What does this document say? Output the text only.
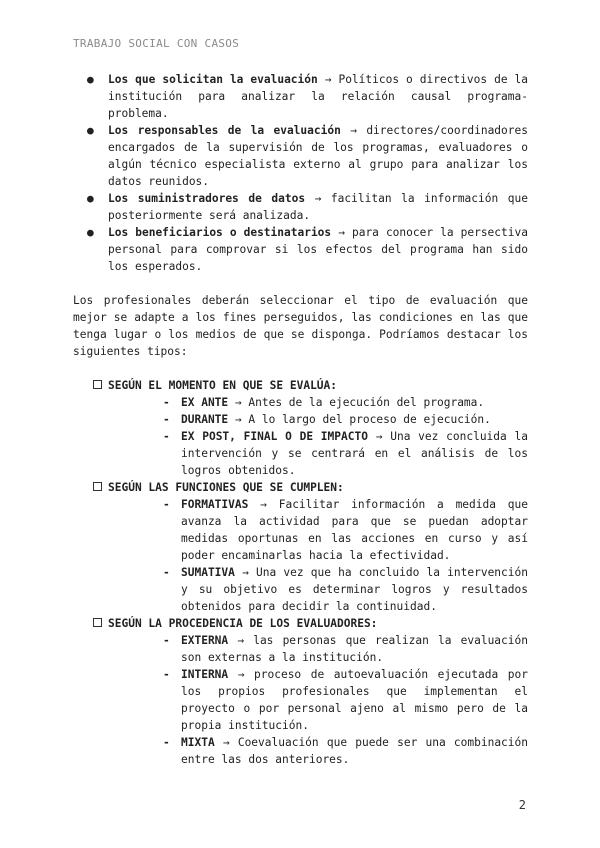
TRABAJO SOCIAL CON CASOS
● Los que solicitan la evaluación → Políticos o directivos de la institución para analizar la relación causal programa-problema.
● Los responsables de la evaluación → directores/coordinadores encargados de la supervisión de los programas, evaluadores o algún técnico especialista externo al grupo para analizar los datos reunidos.
● Los suministradores de datos → facilitan la información que posteriormente será analizada.
● Los beneficiarios o destinatarios → para conocer la persectiva personal para comprovar si los efectos del programa han sido los esperados.

Los profesionales deberán seleccionar el tipo de evaluación que mejor se adapte a los fines perseguidos, las condiciones en las que tenga lugar o los medios de que se disponga. Podríamos destacar los siguientes tipos:

SEGÚN EL MOMENTO EN QUE SE EVALÚA:
- EX ANTE → Antes de la ejecución del programa.
- DURANTE → A lo largo del proceso de ejecución.
- EX POST, FINAL O DE IMPACTO → Una vez concluida la intervención y se centrará en el análisis de los logros obtenidos.
SEGÚN LAS FUNCIONES QUE SE CUMPLEN:
- FORMATIVAS → Facilitar información a medida que avanza la actividad para que se puedan adoptar medidas oportunas en las acciones en curso y así poder encaminarlas hacia la efectividad.
- SUMATIVA → Una vez que ha concluido la intervención y su objetivo es determinar logros y resultados obtenidos para decidir la continuidad.
SEGÚN LA PROCEDENCIA DE LOS EVALUADORES:
- EXTERNA → las personas que realizan la evaluación son externas a la institución.
- INTERNA → proceso de autoevaluación ejecutada por los propios profesionales que implementan el proyecto o por personal ajeno al mismo pero de la propia institución.
- MIXTA → Coevaluación que puede ser una combinación entre las dos anteriores.
2
